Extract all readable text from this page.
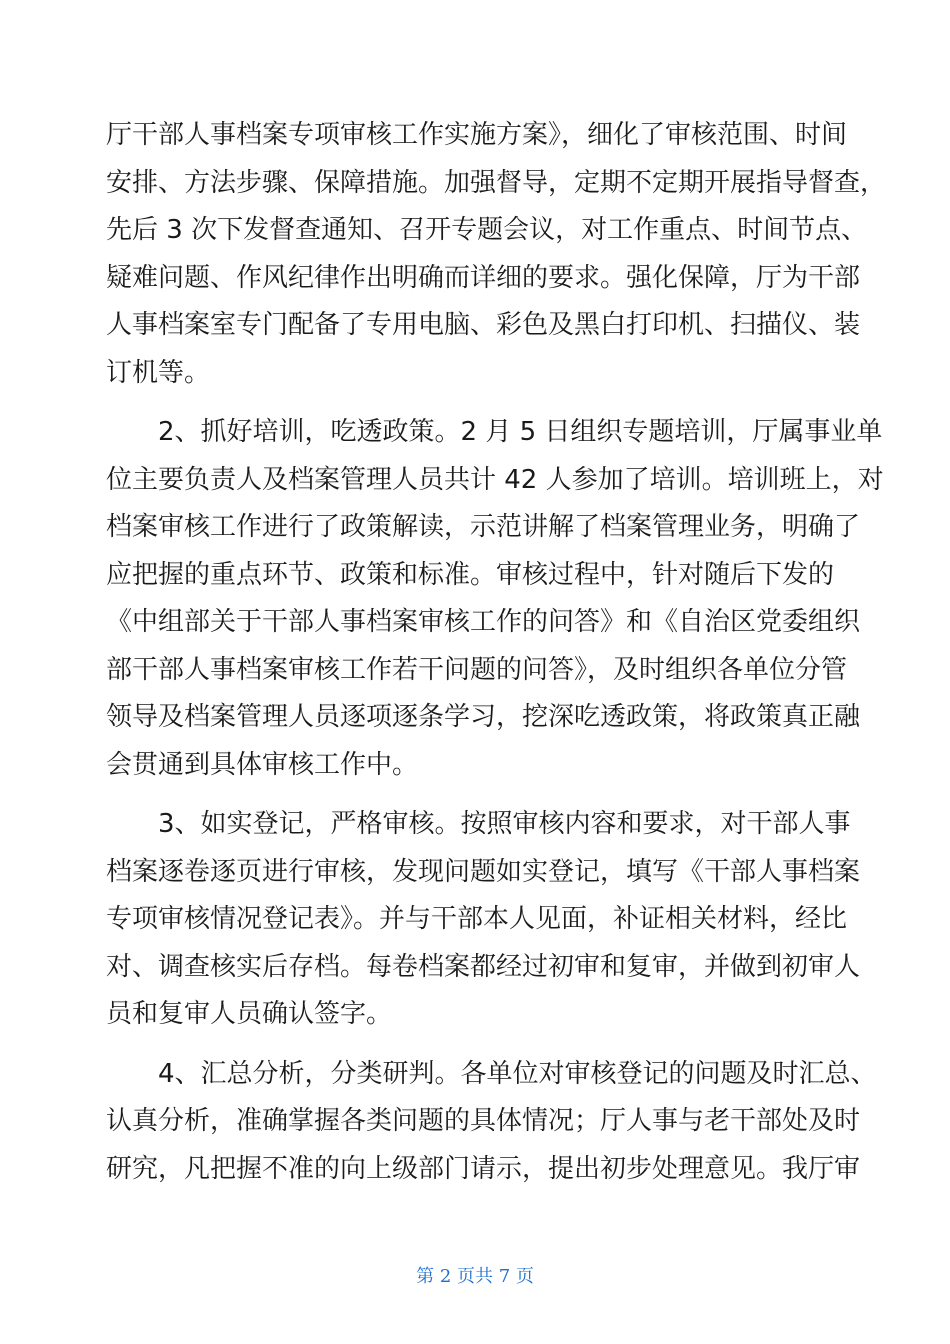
厅干部人事档案专项审核工作实施方案》，细化了审核范围、时间
安排、方法步骤、保障措施。加强督导，定期不定期开展指导督查，
先后 3 次下发督查通知、召开专题会议，对工作重点、时间节点、
疑难问题、作风纪律作出明确而详细的要求。强化保障，厅为干部
人事档案室专门配备了专用电脑、彩色及黑白打印机、扫描仪、装
订机等。
　　2、抓好培训，吃透政策。2 月 5 日组织专题培训，厅属事业单
位主要负责人及档案管理人员共计 42 人参加了培训。培训班上，对
档案审核工作进行了政策解读，示范讲解了档案管理业务，明确了
应把握的重点环节、政策和标准。审核过程中，针对随后下发的
《中组部关于干部人事档案审核工作的问答》和《自治区党委组织
部干部人事档案审核工作若干问题的问答》，及时组织各单位分管
领导及档案管理人员逐项逐条学习，挖深吃透政策，将政策真正融
会贯通到具体审核工作中。
　　3、如实登记，严格审核。按照审核内容和要求，对干部人事
档案逐卷逐页进行审核，发现问题如实登记，填写《干部人事档案
专项审核情况登记表》。并与干部本人见面，补证相关材料，经比
对、调查核实后存档。每卷档案都经过初审和复审，并做到初审人
员和复审人员确认签字。
　　4、汇总分析，分类研判。各单位对审核登记的问题及时汇总、
认真分析，准确掌握各类问题的具体情况；厅人事与老干部处及时
研究，凡把握不准的向上级部门请示，提出初步处理意见。我厅审
第 2 页共 7 页
